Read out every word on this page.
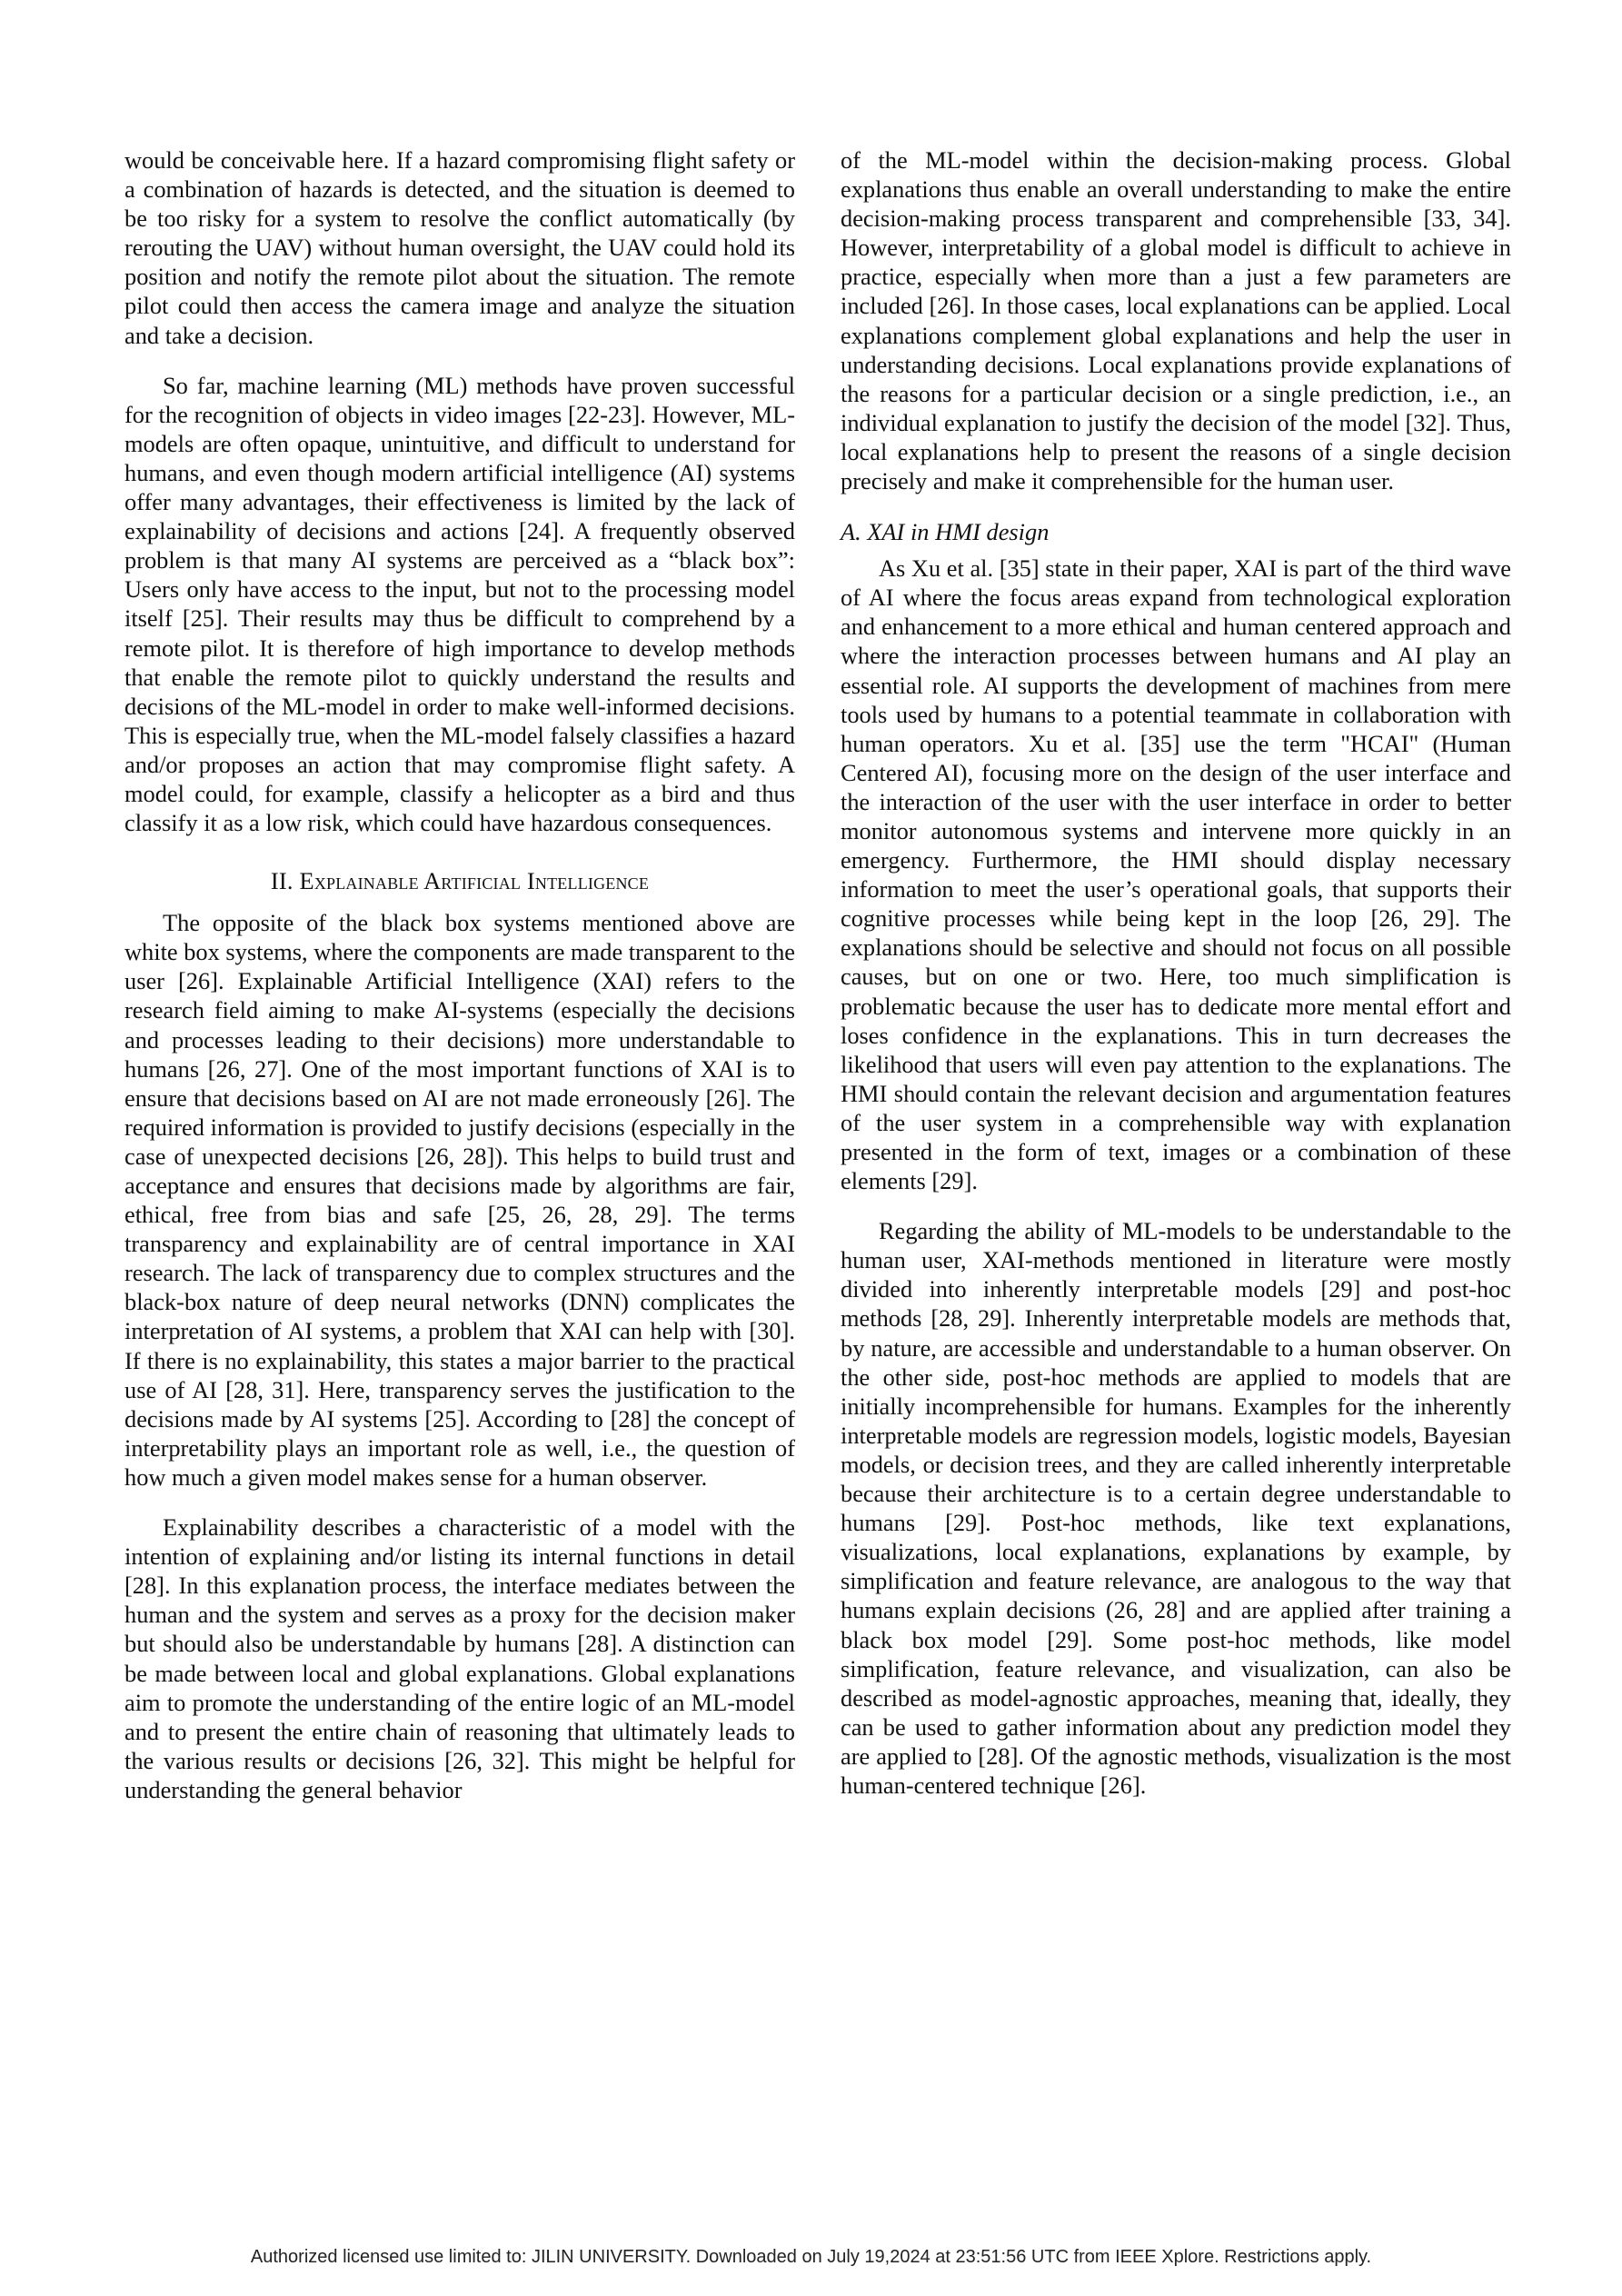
would be conceivable here. If a hazard compromising flight safety or a combination of hazards is detected, and the situation is deemed to be too risky for a system to resolve the conflict automatically (by rerouting the UAV) without human oversight, the UAV could hold its position and notify the remote pilot about the situation. The remote pilot could then access the camera image and analyze the situation and take a decision.

So far, machine learning (ML) methods have proven successful for the recognition of objects in video images [22-23]. However, ML-models are often opaque, unintuitive, and difficult to understand for humans, and even though modern artificial intelligence (AI) systems offer many advantages, their effectiveness is limited by the lack of explainability of decisions and actions [24]. A frequently observed problem is that many AI systems are perceived as a “black box”: Users only have access to the input, but not to the processing model itself [25]. Their results may thus be difficult to comprehend by a remote pilot. It is therefore of high importance to develop methods that enable the remote pilot to quickly understand the results and decisions of the ML-model in order to make well-informed decisions. This is especially true, when the ML-model falsely classifies a hazard and/or proposes an action that may compromise flight safety. A model could, for example, classify a helicopter as a bird and thus classify it as a low risk, which could have hazardous consequences.

II. Explainable Artificial Intelligence

The opposite of the black box systems mentioned above are white box systems, where the components are made transparent to the user [26]. Explainable Artificial Intelligence (XAI) refers to the research field aiming to make AI-systems (especially the decisions and processes leading to their decisions) more understandable to humans [26, 27]. One of the most important functions of XAI is to ensure that decisions based on AI are not made erroneously [26]. The required information is provided to justify decisions (especially in the case of unexpected decisions [26, 28]). This helps to build trust and acceptance and ensures that decisions made by algorithms are fair, ethical, free from bias and safe [25, 26, 28, 29]. The terms transparency and explainability are of central importance in XAI research. The lack of transparency due to complex structures and the black-box nature of deep neural networks (DNN) complicates the interpretation of AI systems, a problem that XAI can help with [30]. If there is no explainability, this states a major barrier to the practical use of AI [28, 31]. Here, transparency serves the justification to the decisions made by AI systems [25]. According to [28] the concept of interpretability plays an important role as well, i.e., the question of how much a given model makes sense for a human observer.

Explainability describes a characteristic of a model with the intention of explaining and/or listing its internal functions in detail [28]. In this explanation process, the interface mediates between the human and the system and serves as a proxy for the decision maker but should also be understandable by humans [28]. A distinction can be made between local and global explanations. Global explanations aim to promote the understanding of the entire logic of an ML-model and to present the entire chain of reasoning that ultimately leads to the various results or decisions [26, 32]. This might be helpful for understanding the general behavior

of the ML-model within the decision-making process. Global explanations thus enable an overall understanding to make the entire decision-making process transparent and comprehensible [33, 34]. However, interpretability of a global model is difficult to achieve in practice, especially when more than a just a few parameters are included [26]. In those cases, local explanations can be applied. Local explanations complement global explanations and help the user in understanding decisions. Local explanations provide explanations of the reasons for a particular decision or a single prediction, i.e., an individual explanation to justify the decision of the model [32]. Thus, local explanations help to present the reasons of a single decision precisely and make it comprehensible for the human user.

A. XAI in HMI design

As Xu et al. [35] state in their paper, XAI is part of the third wave of AI where the focus areas expand from technological exploration and enhancement to a more ethical and human centered approach and where the interaction processes between humans and AI play an essential role. AI supports the development of machines from mere tools used by humans to a potential teammate in collaboration with human operators. Xu et al. [35] use the term "HCAI" (Human Centered AI), focusing more on the design of the user interface and the interaction of the user with the user interface in order to better monitor autonomous systems and intervene more quickly in an emergency. Furthermore, the HMI should display necessary information to meet the user’s operational goals, that supports their cognitive processes while being kept in the loop [26, 29]. The explanations should be selective and should not focus on all possible causes, but on one or two. Here, too much simplification is problematic because the user has to dedicate more mental effort and loses confidence in the explanations. This in turn decreases the likelihood that users will even pay attention to the explanations. The HMI should contain the relevant decision and argumentation features of the user system in a comprehensible way with explanation presented in the form of text, images or a combination of these elements [29].

Regarding the ability of ML-models to be understandable to the human user, XAI-methods mentioned in literature were mostly divided into inherently interpretable models [29] and post-hoc methods [28, 29]. Inherently interpretable models are methods that, by nature, are accessible and understandable to a human observer. On the other side, post-hoc methods are applied to models that are initially incomprehensible for humans. Examples for the inherently interpretable models are regression models, logistic models, Bayesian models, or decision trees, and they are called inherently interpretable because their architecture is to a certain degree understandable to humans [29]. Post-hoc methods, like text explanations, visualizations, local explanations, explanations by example, by simplification and feature relevance, are analogous to the way that humans explain decisions (26, 28] and are applied after training a black box model [29]. Some post-hoc methods, like model simplification, feature relevance, and visualization, can also be described as model-agnostic approaches, meaning that, ideally, they can be used to gather information about any prediction model they are applied to [28]. Of the agnostic methods, visualization is the most human-centered technique [26].

Authorized licensed use limited to: JILIN UNIVERSITY. Downloaded on July 19,2024 at 23:51:56 UTC from IEEE Xplore. Restrictions apply.
